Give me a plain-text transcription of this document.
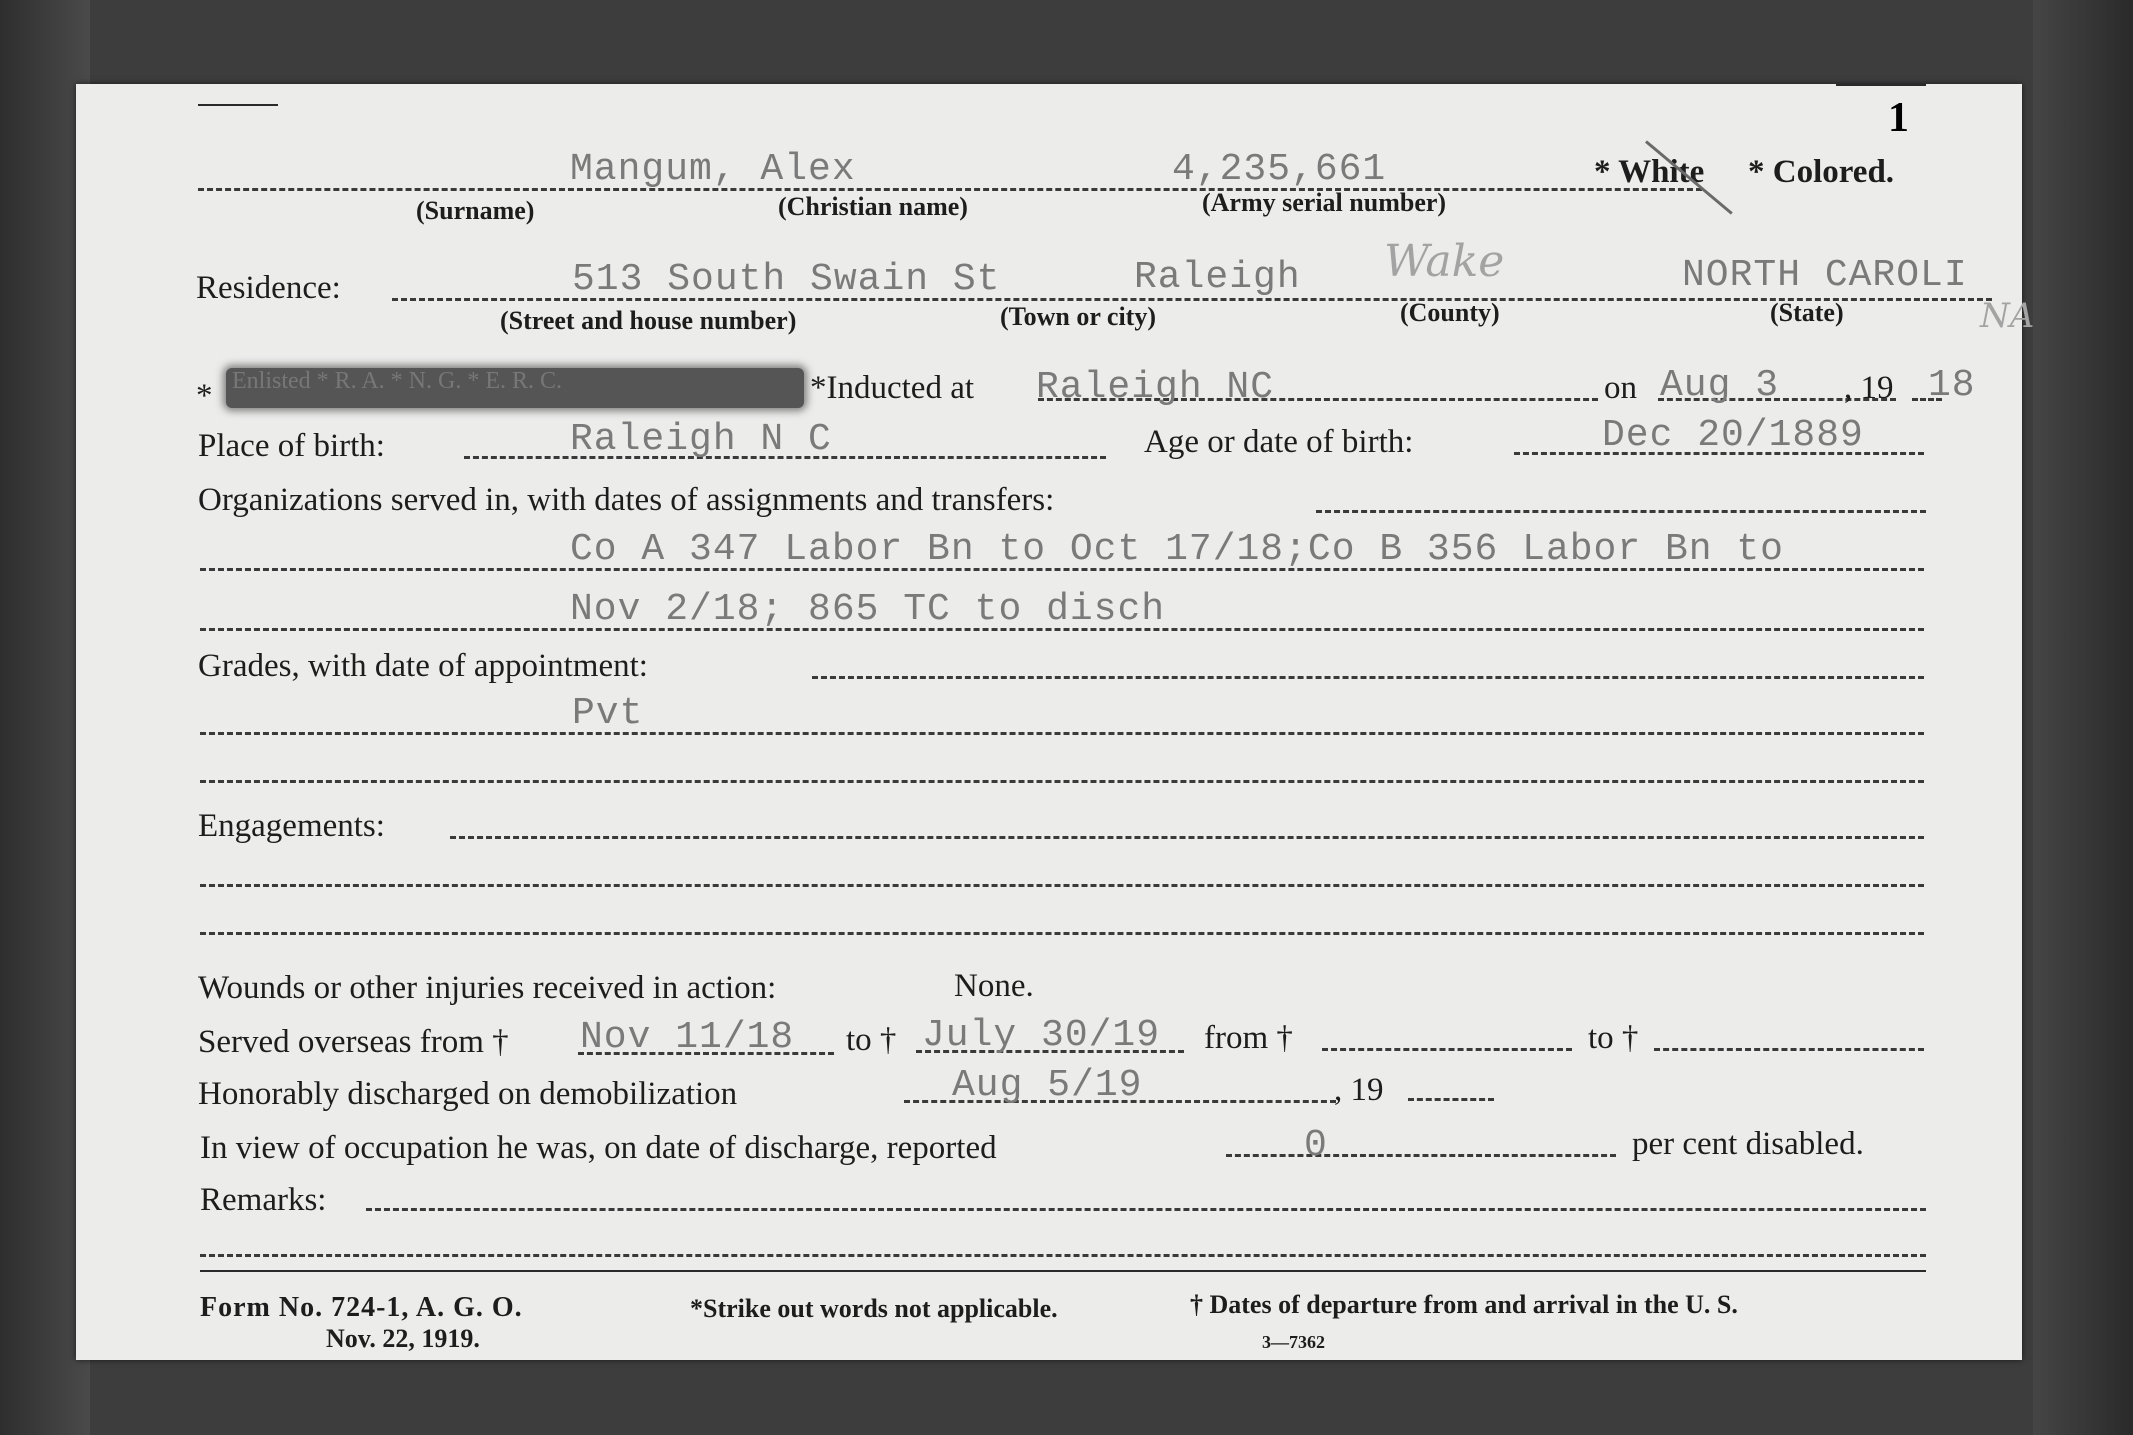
1
Mangum, Alex	4,235,661	* White * Colored.
(Surname)	(Christian name)	(Army serial number)
Residence:	513 South Swain St	Raleigh Wake	NORTH CAROLI
NA
(Street and house number)	(Town or city)	(County)	(State)
* Enlisted * R. A. * N. G. * E. R. C.	*Inducted at Raleigh NC	on Aug 3 , 19 18
Place of birth:	Raleigh N C	Age or date of birth:	Dec 20/1889
Organizations served in, with dates of assignments and transfers:
Co A 347 Labor Bn to Oct 17/18;Co B 356 Labor Bn to
Nov 2/18; 865 TC to disch
Grades, with date of appointment:
Pvt
Engagements:
Wounds or other injuries received in action:	None.
Served overseas from † Nov 11/18 to † July 30/19 from †	to †
Honorably discharged on demobilization	Aug 5/19	, 19
In view of occupation he was, on date of discharge, reported	0	per cent disabled.
Remarks:
Form No. 724-1, A. G. O.
Nov. 22, 1919.
*Strike out words not applicable.	† Dates of departure from and arrival in the U. S.
3—7362
